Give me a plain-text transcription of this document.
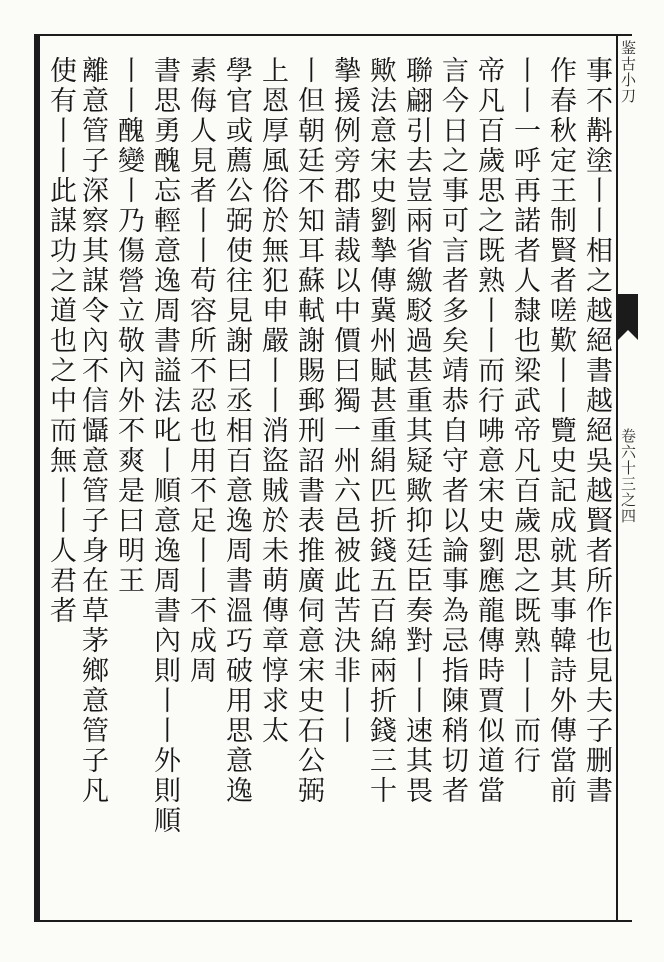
鉴古小刀
卷六十三之四
事不斠塗丨丨相之越絕書越絕吳越賢者所作也見夫子删書
作春秋定王制賢者嗟歎丨丨覽史記成就其事韓詩外傳當前
丨丨一呼再諾者人隸也梁武帝凡百歲思之既熟丨丨而行
帝凡百歲思之既熟丨丨而行咈意宋史劉應龍傳時賈似道當
言今日之事可言者多矣靖恭自守者以論事為忌指陳稍切者
聯翩引去豈兩省繳駁過甚重其疑歟抑廷臣奏對丨丨速其畏
歟法意宋史劉摯傳冀州賦甚重絹匹折錢五百綿兩折錢三十
摰援例旁郡請裁以中價曰獨一州六邑被此苦決非丨丨
丨但朝廷不知耳蘇軾謝賜郵刑詔書表推廣伺意宋史石公弼
上恩厚風俗於無犯申嚴丨丨消盜賊於未萌傳章惇求太
學官或薦公弼使往見謝曰丞相百意逸周書溫巧破用思意逸
素侮人見者丨丨苟容所不忍也用不足丨丨不成周
書思勇醜忘輕意逸周書謚法叱丨順意逸周書內則丨丨外則順
丨丨醜變丨乃傷營立敬內外不爽是曰明王
離意管子深察其謀令內不信懾意管子身在草茅鄉意管子凡
使有丨丨此謀功之道也之中而無丨丨人君者
